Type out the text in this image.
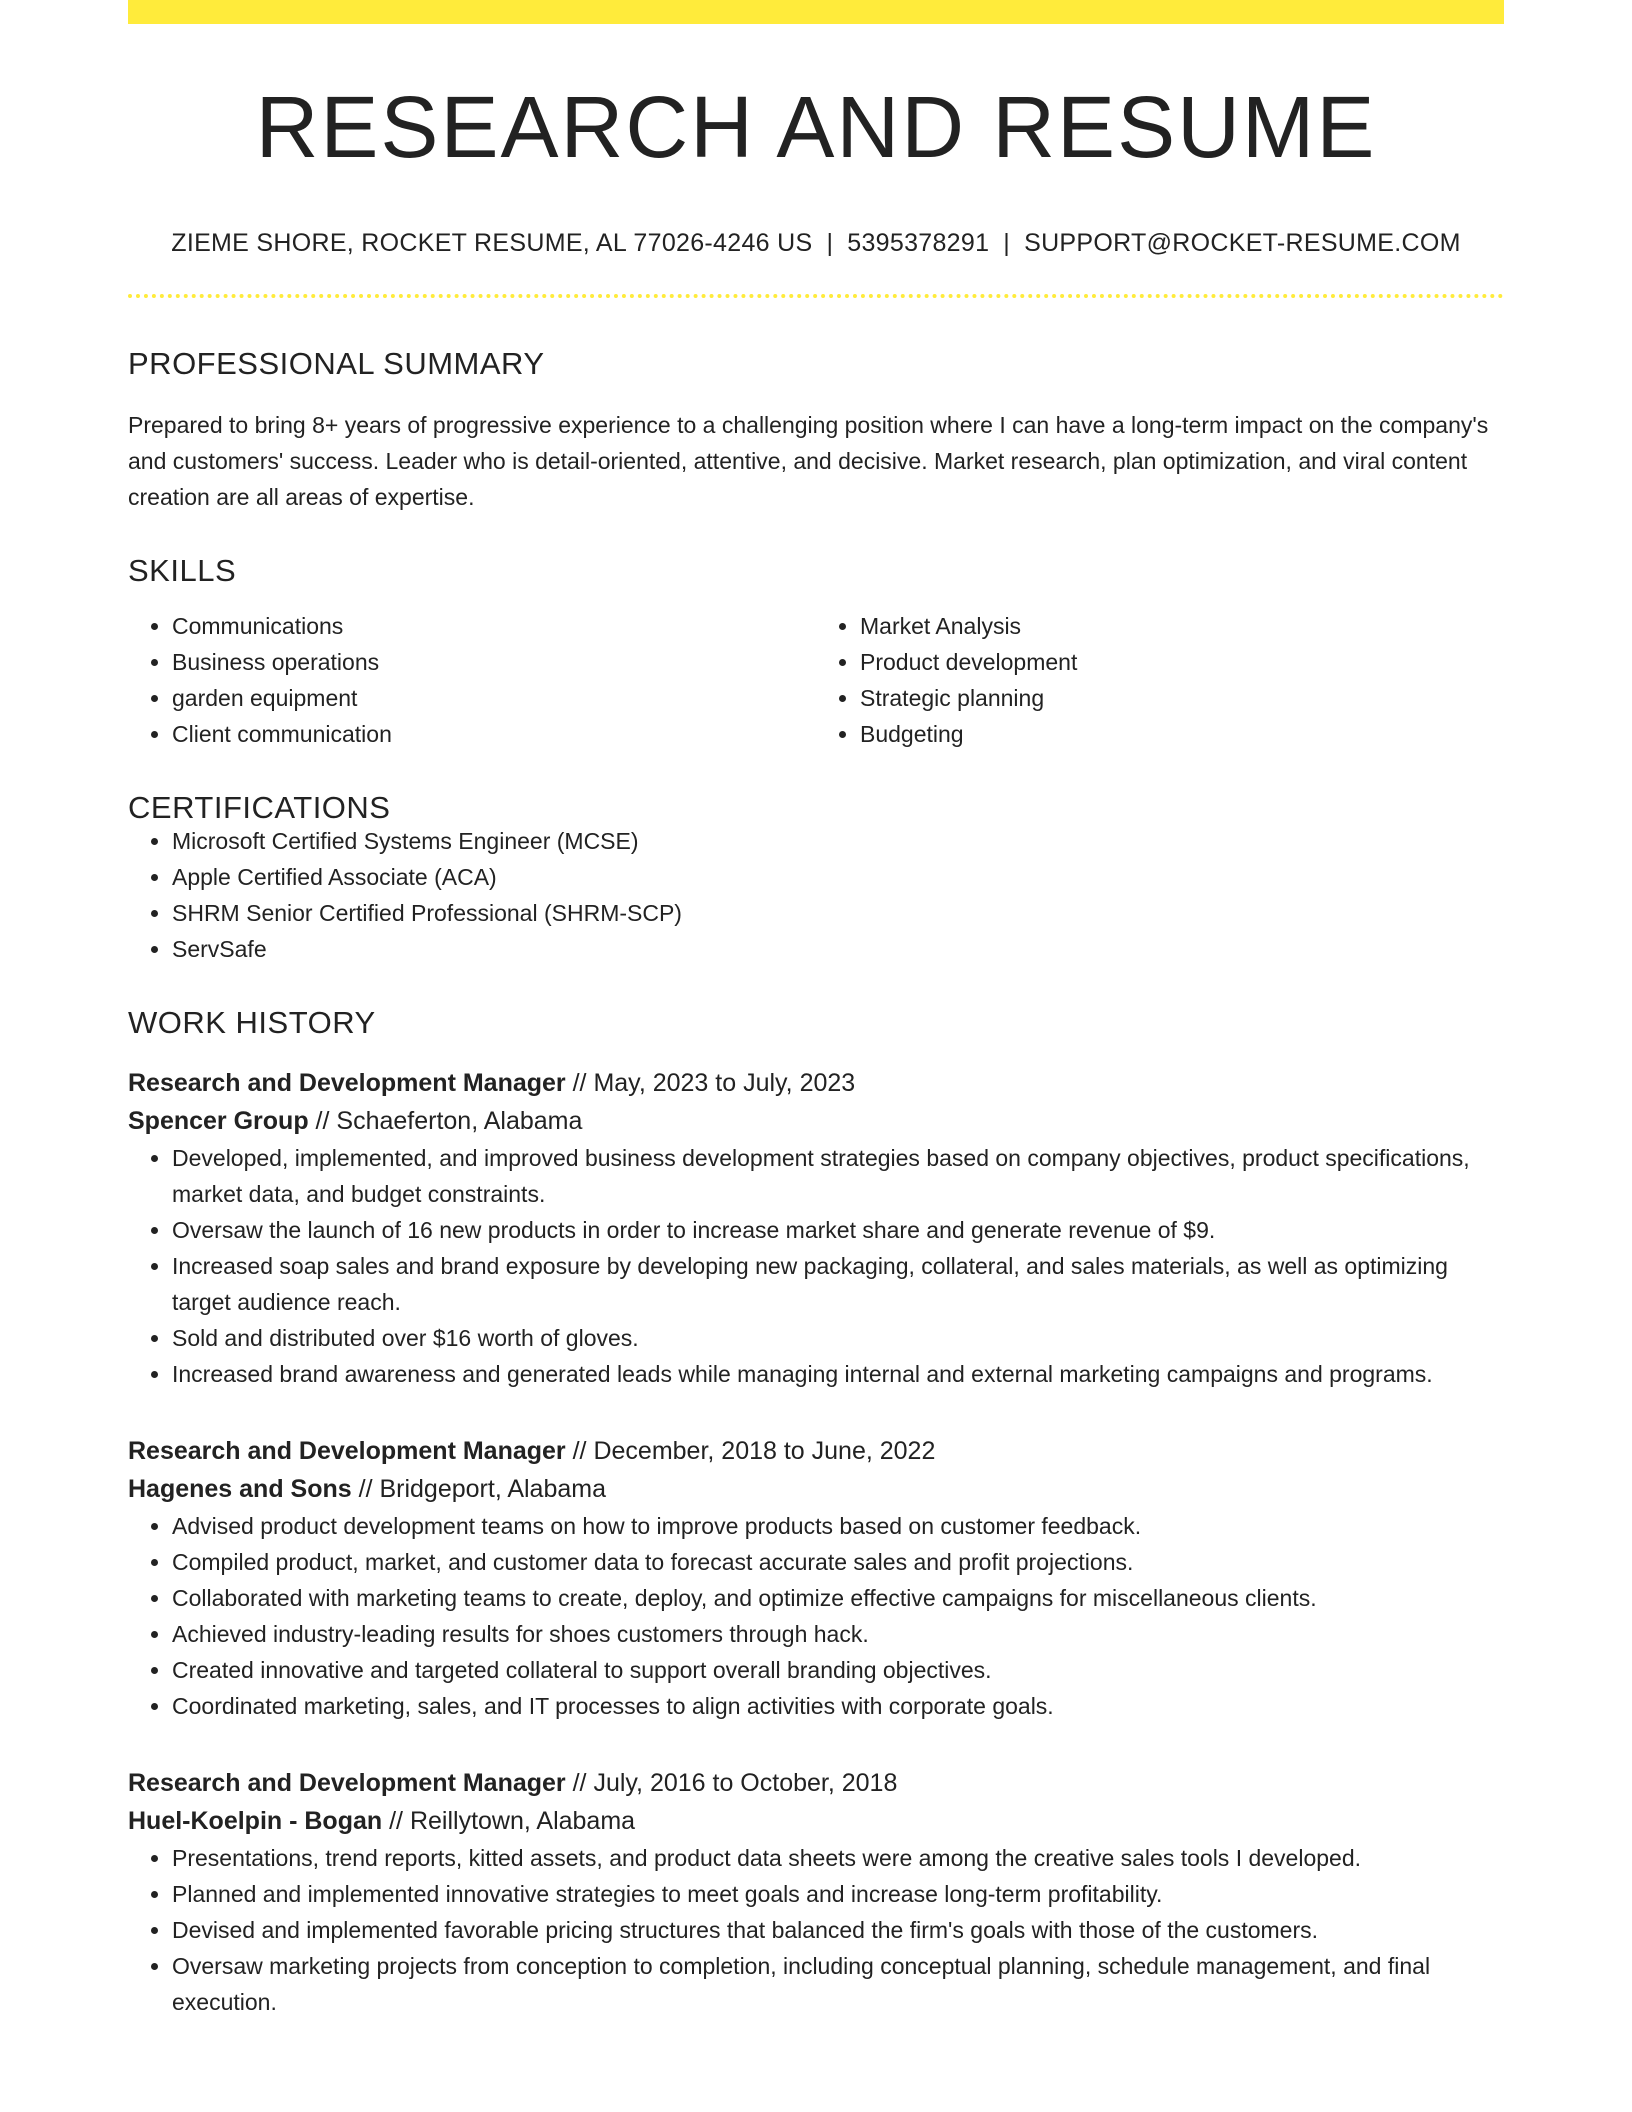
RESEARCH AND RESUME
ZIEME SHORE, ROCKET RESUME, AL 77026-4246 US | 5395378291 | SUPPORT@ROCKET-RESUME.COM
PROFESSIONAL SUMMARY

Prepared to bring 8+ years of progressive experience to a challenging position where I can have a long-term impact on the company's and customers' success. Leader who is detail-oriented, attentive, and decisive. Market research, plan optimization, and viral content creation are all areas of expertise.

SKILLS
• Communications
• Business operations
• garden equipment
• Client communication
• Market Analysis
• Product development
• Strategic planning
• Budgeting
CERTIFICATIONS
• Microsoft Certified Systems Engineer (MCSE)
• Apple Certified Associate (ACA)
• SHRM Senior Certified Professional (SHRM-SCP)
• ServSafe
WORK HISTORY
Research and Development Manager // May, 2023 to July, 2023
Spencer Group // Schaeferton, Alabama
• Developed, implemented, and improved business development strategies based on company objectives, product specifications, market data, and budget constraints.
• Oversaw the launch of 16 new products in order to increase market share and generate revenue of $9.
• Increased soap sales and brand exposure by developing new packaging, collateral, and sales materials, as well as optimizing target audience reach.
• Sold and distributed over $16 worth of gloves.
• Increased brand awareness and generated leads while managing internal and external marketing campaigns and programs.
Research and Development Manager // December, 2018 to June, 2022
Hagenes and Sons // Bridgeport, Alabama
• Advised product development teams on how to improve products based on customer feedback.
• Compiled product, market, and customer data to forecast accurate sales and profit projections.
• Collaborated with marketing teams to create, deploy, and optimize effective campaigns for miscellaneous clients.
• Achieved industry-leading results for shoes customers through hack.
• Created innovative and targeted collateral to support overall branding objectives.
• Coordinated marketing, sales, and IT processes to align activities with corporate goals.
Research and Development Manager // July, 2016 to October, 2018
Huel-Koelpin - Bogan // Reillytown, Alabama
• Presentations, trend reports, kitted assets, and product data sheets were among the creative sales tools I developed.
• Planned and implemented innovative strategies to meet goals and increase long-term profitability.
• Devised and implemented favorable pricing structures that balanced the firm's goals with those of the customers.
• Oversaw marketing projects from conception to completion, including conceptual planning, schedule management, and final execution.
